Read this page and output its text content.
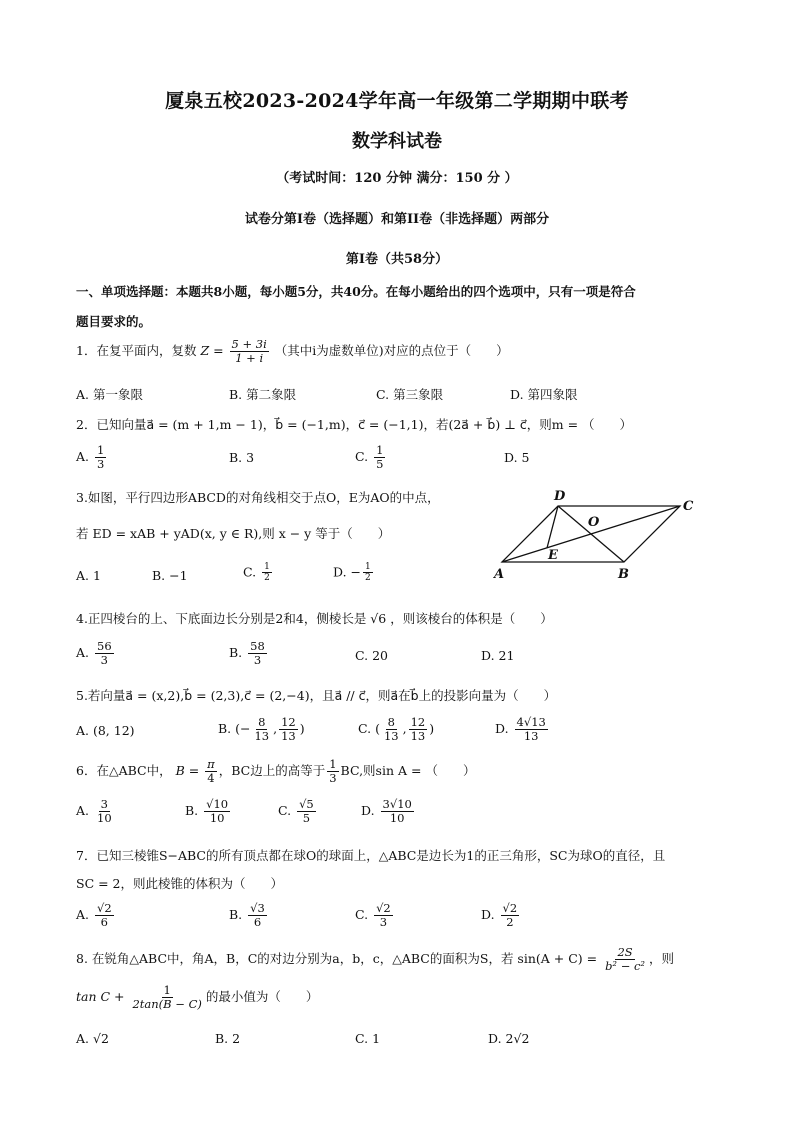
厦泉五校2023-2024学年高一年级第二学期期中联考
数学科试卷
（考试时间：120 分钟 满分：150 分 ）
试卷分第Ⅰ卷（选择题）和第II卷（非选择题）两部分
第Ⅰ卷（共58分）
一、单项选择题：本题共8小题，每小题5分，共40分。在每小题给出的四个选项中，只有一项是符合
题目要求的。
1．在复平面内，复数 $Z = \frac{5 + 3i}{1 + i}$ （其中i为虚数单位)对应的点位于（　　）
A. 第一象限	B. 第二象限	C. 第三象限	D. 第四象限
2．已知向量a⃗ = (m + 1,m − 1)，b⃗ = (−1,m)，c⃗ = (−1,1)，若(2a⃗ + b⃗) ⊥ c⃗，则m = （　　）
A. $\frac{1}{3}$	B. 3	C. $\frac{1}{5}$	D. 5
3.如图，平行四边形ABCD的对角线相交于点O，E为AO的中点，
若 ED = xAB + yAD(x, y ∈ R),则 x − y 等于（　　）
A. 1	B. −1	C. $\frac{1}{2}$	D. − $\frac{1}{2}$
D
C
O
E
A	B
4.正四棱台的上、下底面边长分别是2和4，侧棱长是 √6 ，则该棱台的体积是（　　）
A. $\frac{56}{3}$	B. $\frac{58}{3}$	C. 20	D. 21
5.若向量a⃗ = (x,2),b⃗ = (2,3),c⃗ = (2,−4)，且a⃗ // c⃗，则a⃗在b⃗上的投影向量为（　　）
A. (8, 12)	B. (− $\frac{8}{13}$ , $\frac{12}{13}$ )	C. ( $\frac{8}{13}$ , $\frac{12}{13}$ )	D. $\frac{4√13}{13}$
6．在△ABC中， $B = \frac{\pi}{4}$ ，BC边上的高等于 $\frac{1}{3}$ BC,则sin A = （　　）
A. $\frac{3}{10}$	B. $\frac{√10}{10}$	C. $\frac{√5}{5}$	D. $\frac{3√10}{10}$
7．已知三棱锥S−ABC的所有顶点都在球O的球面上，△ABC是边长为1的正三角形，SC为球O的直径，且
SC = 2，则此棱锥的体积为（　　）
A. $\frac{√2}{6}$	B. $\frac{√3}{6}$	C. $\frac{√2}{3}$	D. $\frac{√2}{2}$
8. 在锐角△ABC中，角A，B，C的对边分别为a，b，c，△ABC的面积为S，若 $\sin(A + C) = \frac{2S}{\text{b² − c²}}$ ，则
$\tan C + \frac{1}{2\tan(B - C)}$ 的最小值为（　　）
A. √2	B. 2	C. 1	D. 2√2
